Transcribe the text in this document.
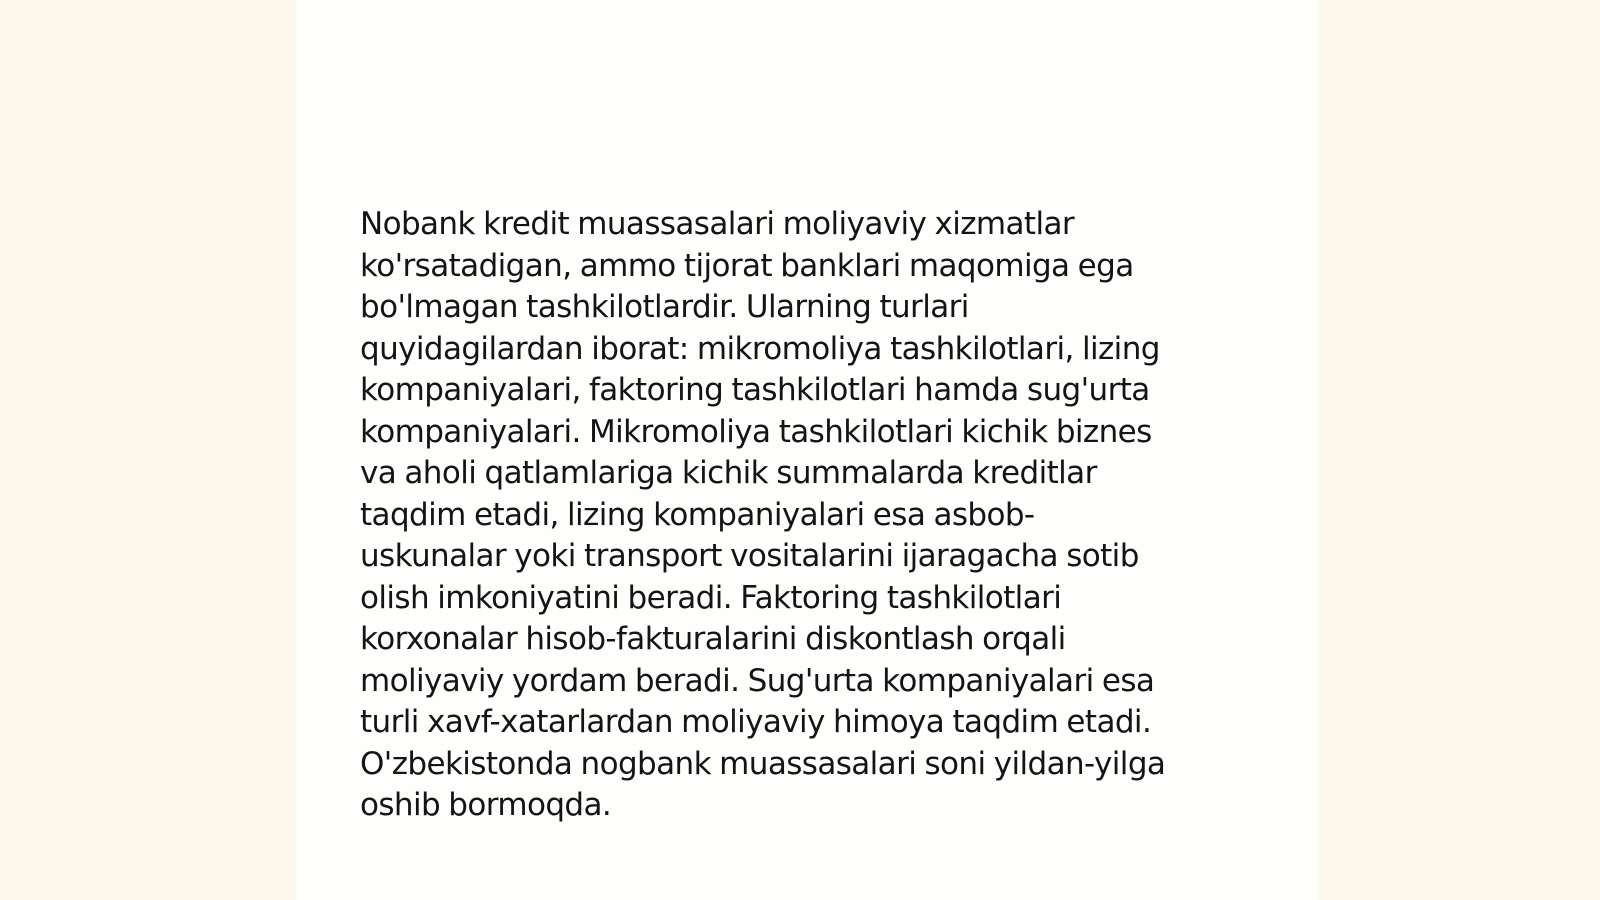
Nobank kredit muassasalari moliyaviy xizmatlar
ko'rsatadigan, ammo tijorat banklari maqomiga ega
bo'lmagan tashkilotlardir. Ularning turlari
quyidagilardan iborat: mikromoliya tashkilotlari, lizing
kompaniyalari, faktoring tashkilotlari hamda sug'urta
kompaniyalari. Mikromoliya tashkilotlari kichik biznes
va aholi qatlamlariga kichik summalarda kreditlar
taqdim etadi, lizing kompaniyalari esa asbob-
uskunalar yoki transport vositalarini ijaragacha sotib
olish imkoniyatini beradi. Faktoring tashkilotlari
korxonalar hisob-fakturalarini diskontlash orqali
moliyaviy yordam beradi. Sug'urta kompaniyalari esa
turli xavf-xatarlardan moliyaviy himoya taqdim etadi.
O'zbekistonda nogbank muassasalari soni yildan-yilga
oshib bormoqda.
